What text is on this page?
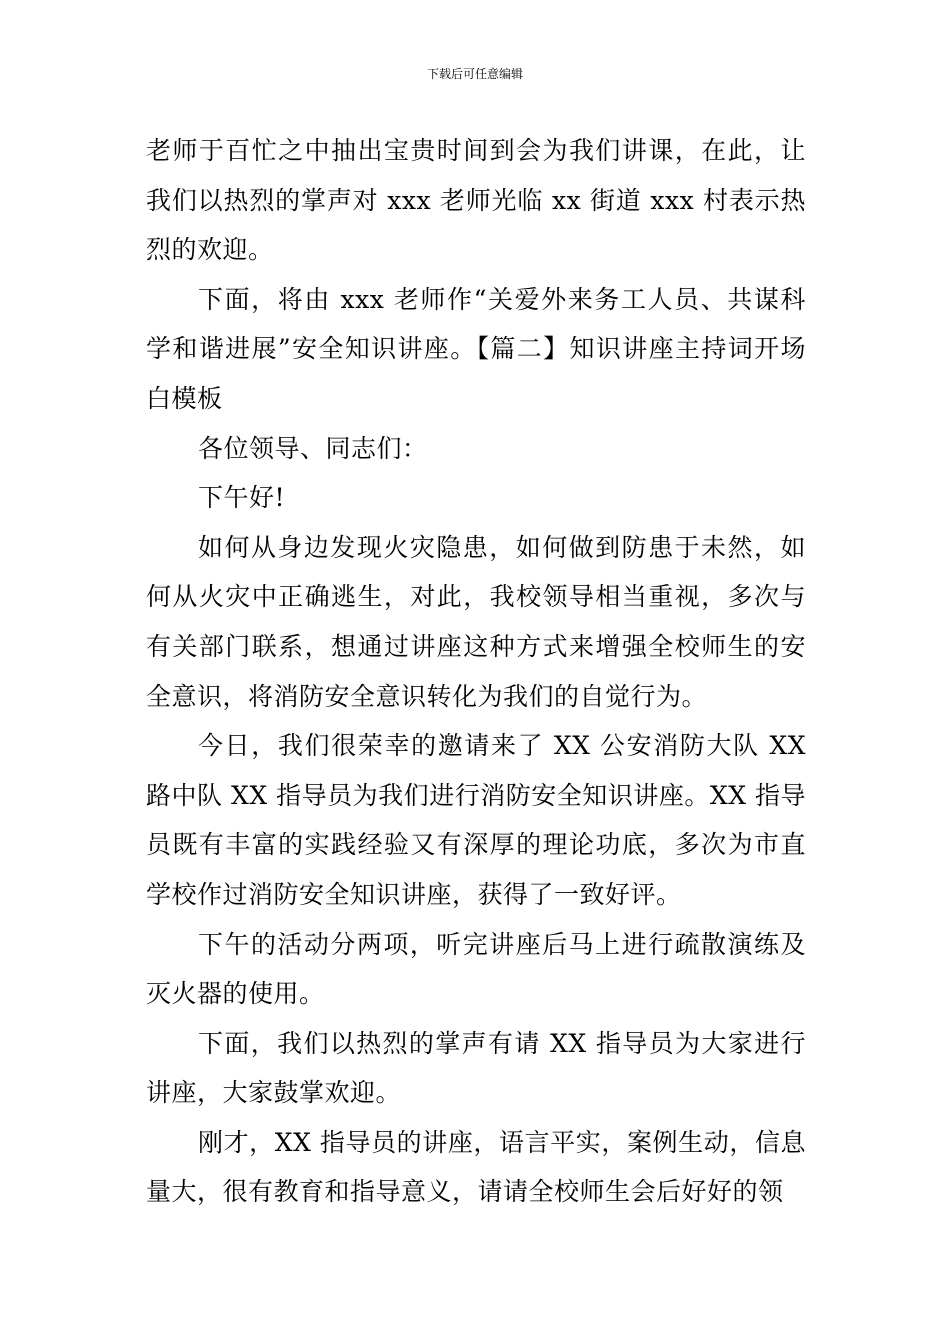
下载后可任意编辑

老师于百忙之中抽出宝贵时间到会为我们讲课，在此，让我们以热烈的掌声对 xxx 老师光临 xx 街道 xxx 村表示热烈的欢迎。

下面，将由 xxx 老师作“关爱外来务工人员、共谋科学和谐进展”安全知识讲座。【篇二】知识讲座主持词开场白模板

各位领导、同志们：

下午好!

如何从身边发现火灾隐患，如何做到防患于未然，如何从火灾中正确逃生，对此，我校领导相当重视，多次与有关部门联系，想通过讲座这种方式来增强全校师生的安全意识，将消防安全意识转化为我们的自觉行为。

今日，我们很荣幸的邀请来了 XX 公安消防大队 XX 路中队 XX 指导员为我们进行消防安全知识讲座。XX 指导员既有丰富的实践经验又有深厚的理论功底，多次为市直学校作过消防安全知识讲座，获得了一致好评。

下午的活动分两项，听完讲座后马上进行疏散演练及灭火器的使用。

下面，我们以热烈的掌声有请 XX 指导员为大家进行讲座，大家鼓掌欢迎。

刚才，XX 指导员的讲座，语言平实，案例生动，信息量大，很有教育和指导意义，请请全校师生会后好好的领
